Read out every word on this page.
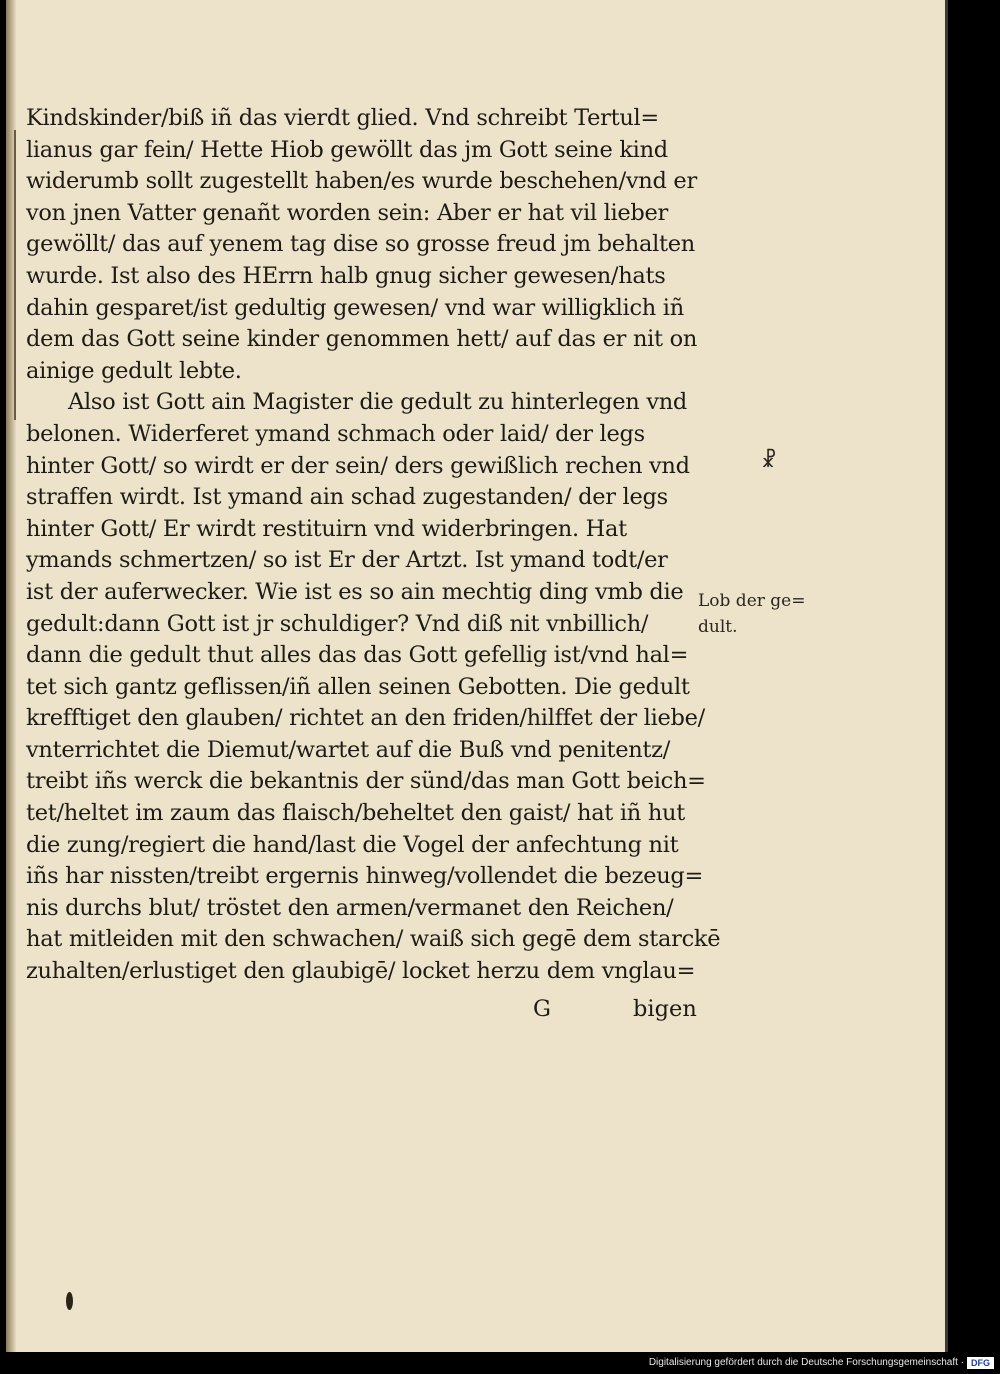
Kindskinder/biß iñ das vierdt glied. Vnd schreibt Tertul=
lianus gar fein/ Hette Hiob gewöllt das jm Gott seine kind
widerumb sollt zugestellt haben/es wurde beschehen/vnd er
von jnen Vatter genañt worden sein: Aber er hat vil lieber
gewöllt/ das auf yenem tag dise so grosse freud jm behalten
wurde. Ist also des HErrn halb gnug sicher gewesen/hats
dahin gesparet/ist gedultig gewesen/ vnd war willigklich iñ
dem das Gott seine kinder genommen hett/ auf das er nit on
ainige gedult lebte.
Also ist Gott ain Magister die gedult zu hinterlegen vnd
belonen. Widerferet ymand schmach oder laid/ der legs
hinter Gott/ so wirdt er der sein/ ders gewißlich rechen vnd
straffen wirdt. Ist ymand ain schad zugestanden/ der legs
hinter Gott/ Er wirdt restituirn vnd widerbringen. Hat
ymands schmertzen/ so ist Er der Artzt. Ist ymand todt/er
ist der auferwecker. Wie ist es so ain mechtig ding vmb die
gedult:dann Gott ist jr schuldiger? Vnd diß nit vnbillich/
dann die gedult thut alles das das Gott gefellig ist/vnd hal=
tet sich gantz geflissen/iñ allen seinen Gebotten. Die gedult
krefftiget den glauben/ richtet an den friden/hilffet der liebe/
vnterrichtet die Diemut/wartet auf die Buß vnd penitentz/
treibt iñs werck die bekantnis der sünd/das man Gott beich=
tet/heltet im zaum das flaisch/beheltet den gaist/ hat iñ hut
die zung/regiert die hand/last die Vogel der anfechtung nit
iñs har nissten/treibt ergernis hinweg/vollendet die bezeug=
nis durchs blut/ tröstet den armen/vermanet den Reichen/
hat mitleiden mit den schwachen/ waiß sich gegē dem starckē
zuhalten/erlustiget den glaubigē/ locket herzu dem vnglau=
G	bigen
☧
Lob der ge=
dult.
Digitalisierung gefördert durch die Deutsche Forschungsgemeinschaft · DFG
